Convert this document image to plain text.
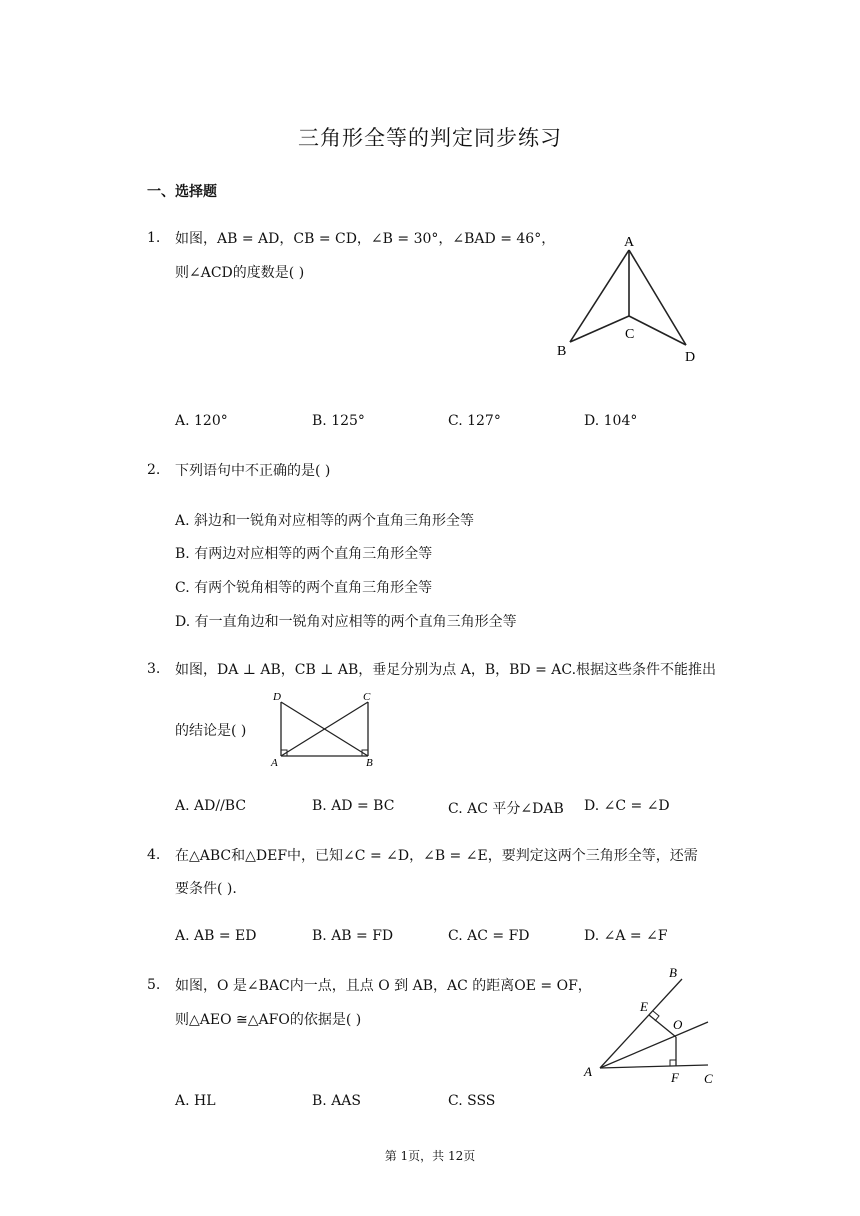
三角形全等的判定同步练习
一、选择题
1. 如图，AB = AD，CB = CD，∠B = 30°，∠BAD = 46°，
则∠ACD的度数是( )
A
B
C
D
A. 120°	B. 125°	C. 127°	D. 104°
2. 下列语句中不正确的是( )
A. 斜边和一锐角对应相等的两个直角三角形全等
B. 有两边对应相等的两个直角三角形全等
C. 有两个锐角相等的两个直角三角形全等
D. 有一直角边和一锐角对应相等的两个直角三角形全等
3. 如图，DA ⊥ AB，CB ⊥ AB，垂足分别为点 A，B，BD = AC.根据这些条件不能推出
的结论是( )
D	C
A	B
A. AD//BC	B. AD = BC	C. AC 平分∠DAB D. ∠C = ∠D
4. 在△ABC和△DEF中，已知∠C = ∠D，∠B = ∠E，要判定这两个三角形全等，还需
要条件( ).
A. AB = ED	B. AB = FD	C. AC = FD	D. ∠A = ∠F
5. 如图，O 是∠BAC内一点，且点 O 到 AB，AC 的距离OE = OF，
则△AEO ≅△AFO的依据是( )
B
E
O
A	F C
A. HL	B. AAS	C. SSS
第 1页，共 12页
